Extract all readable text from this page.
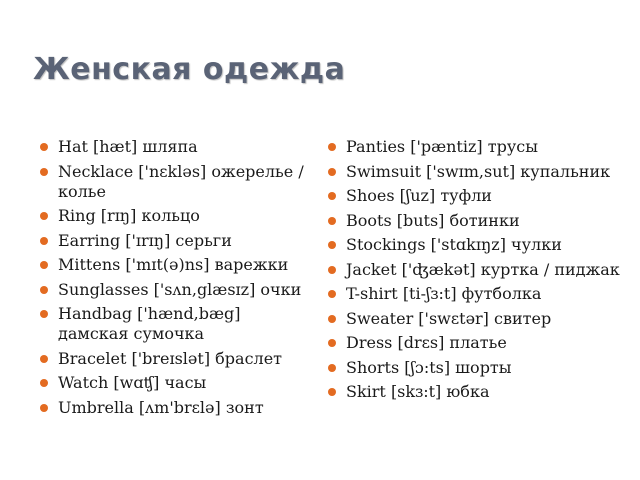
Женская одежда
Hat [hæt] шляпа
Necklace ['nɛkləs] ожерелье /колье
Ring [rɪŋ] кольцо
Earring ['ɪrɪŋ] серьги
Mittens ['mɪt(ə)ns] варежки
Sunglasses ['sʌn,glæsɪz] очки
Handbag ['hænd,bæg] дамская сумочка
Bracelet ['breɪslət] браслет
Watch [wɑʧ] часы
Umbrella [ʌm'brɛlə] зонт
Panties ['pæntiz] трусы
Swimsuit ['swɪm,sut] купальник
Shoes [ʃuz] туфли
Boots [buts] ботинки
Stockings ['stɑkɪŋz] чулки
Jacket ['ʤækət] куртка / пиджак
T-shirt [ti-ʃɜ:t] футболка
Sweater ['swɛtər] свитер
Dress [drɛs] платье
Shorts [ʃɔ:ts] шорты
Skirt [skɜ:t] юбка
